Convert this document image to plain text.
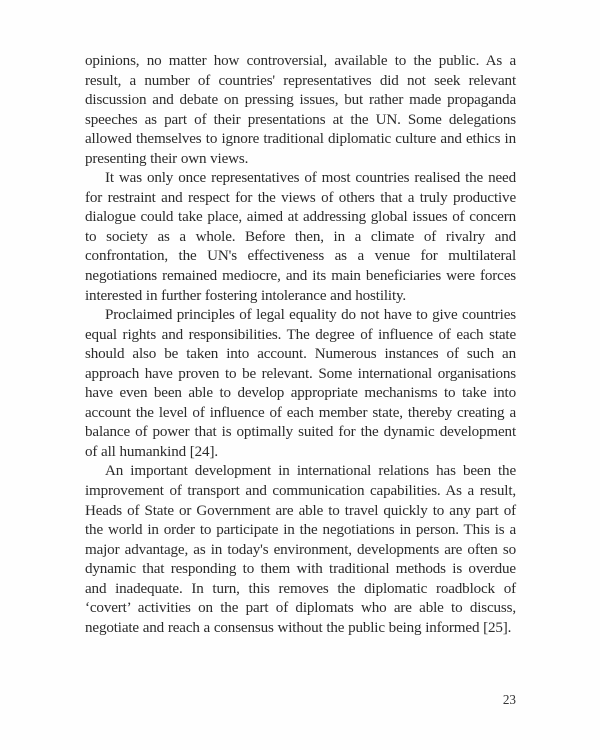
opinions, no matter how controversial, available to the public. As a result, a number of countries' representatives did not seek relevant discussion and debate on pressing issues, but rather made propaganda speeches as part of their presentations at the UN. Some delegations allowed themselves to ignore traditional diplomatic culture and ethics in presenting their own views.

It was only once representatives of most countries realised the need for restraint and respect for the views of others that a truly productive dialogue could take place, aimed at addressing global issues of concern to society as a whole. Before then, in a climate of rivalry and confrontation, the UN's effectiveness as a venue for multilateral negotiations remained mediocre, and its main beneficiaries were forces interested in further fostering intolerance and hostility.

Proclaimed principles of legal equality do not have to give countries equal rights and responsibilities. The degree of influence of each state should also be taken into account. Numerous instances of such an approach have proven to be relevant. Some international organisations have even been able to develop appropriate mechanisms to take into account the level of influence of each member state, thereby creating a balance of power that is optimally suited for the dynamic development of all humankind [24].

An important development in international relations has been the improvement of transport and communication capabilities. As a result, Heads of State or Government are able to travel quickly to any part of the world in order to participate in the negotiations in person. This is a major advantage, as in today's environment, developments are often so dynamic that responding to them with traditional methods is overdue and inadequate. In turn, this removes the diplomatic roadblock of ‘covert’ activities on the part of diplomats who are able to discuss, negotiate and reach a consensus without the public being informed [25].

23
